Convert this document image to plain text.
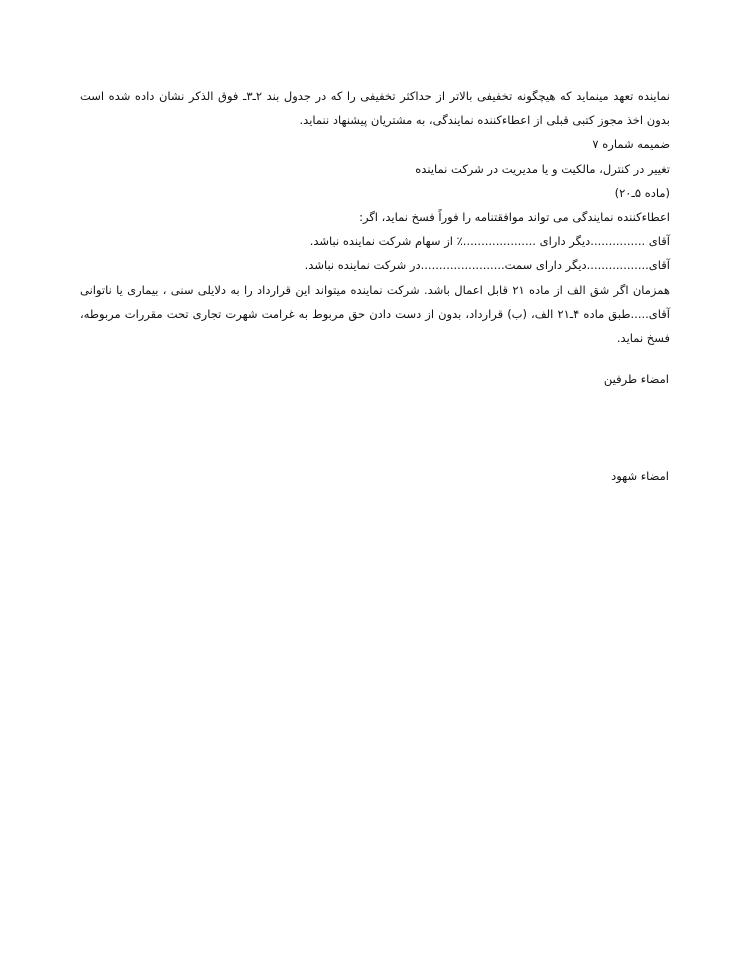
نماینده تعهد مینماید که هیچگونه تخفیفی بالاتر از حداکثر تخفیفی را که در جدول بند ۲ـ۳ـ فوق الذکر نشان داده شده است بدون اخذ مجوز کتبی قبلی از اعطاءکننده نمایندگی، به مشتریان پیشنهاد ننماید.

ضمیمه شماره ۷

تغییر در کنترل، مالکیت و یا مدیریت در شرکت نماینده

(ماده ۵ـ۲۰)

اعطاءکننده نمایندگی می تواند موافقتنامه را فوراً فسخ نماید، اگر:

آقای ...............دیگر دارای ....................٪ از سهام شرکت نماینده نباشد.

آقای.................دیگر دارای سمت.......................در شرکت نماینده نباشد.

همزمان اگر شق الف از ماده ۲۱ قابل اعمال باشد. شرکت نماینده میتواند این قرارداد را به دلایلی سنی ، بیماری یا ناتوانی آقای.....طبق ماده ۴ـ۲۱ الف، (ب) قرارداد، بدون از دست دادن حق مربوط به غرامت شهرت تجاری تحت مقررات مربوطه، فسخ نماید.

امضاء طرفین
امضاء شهود
